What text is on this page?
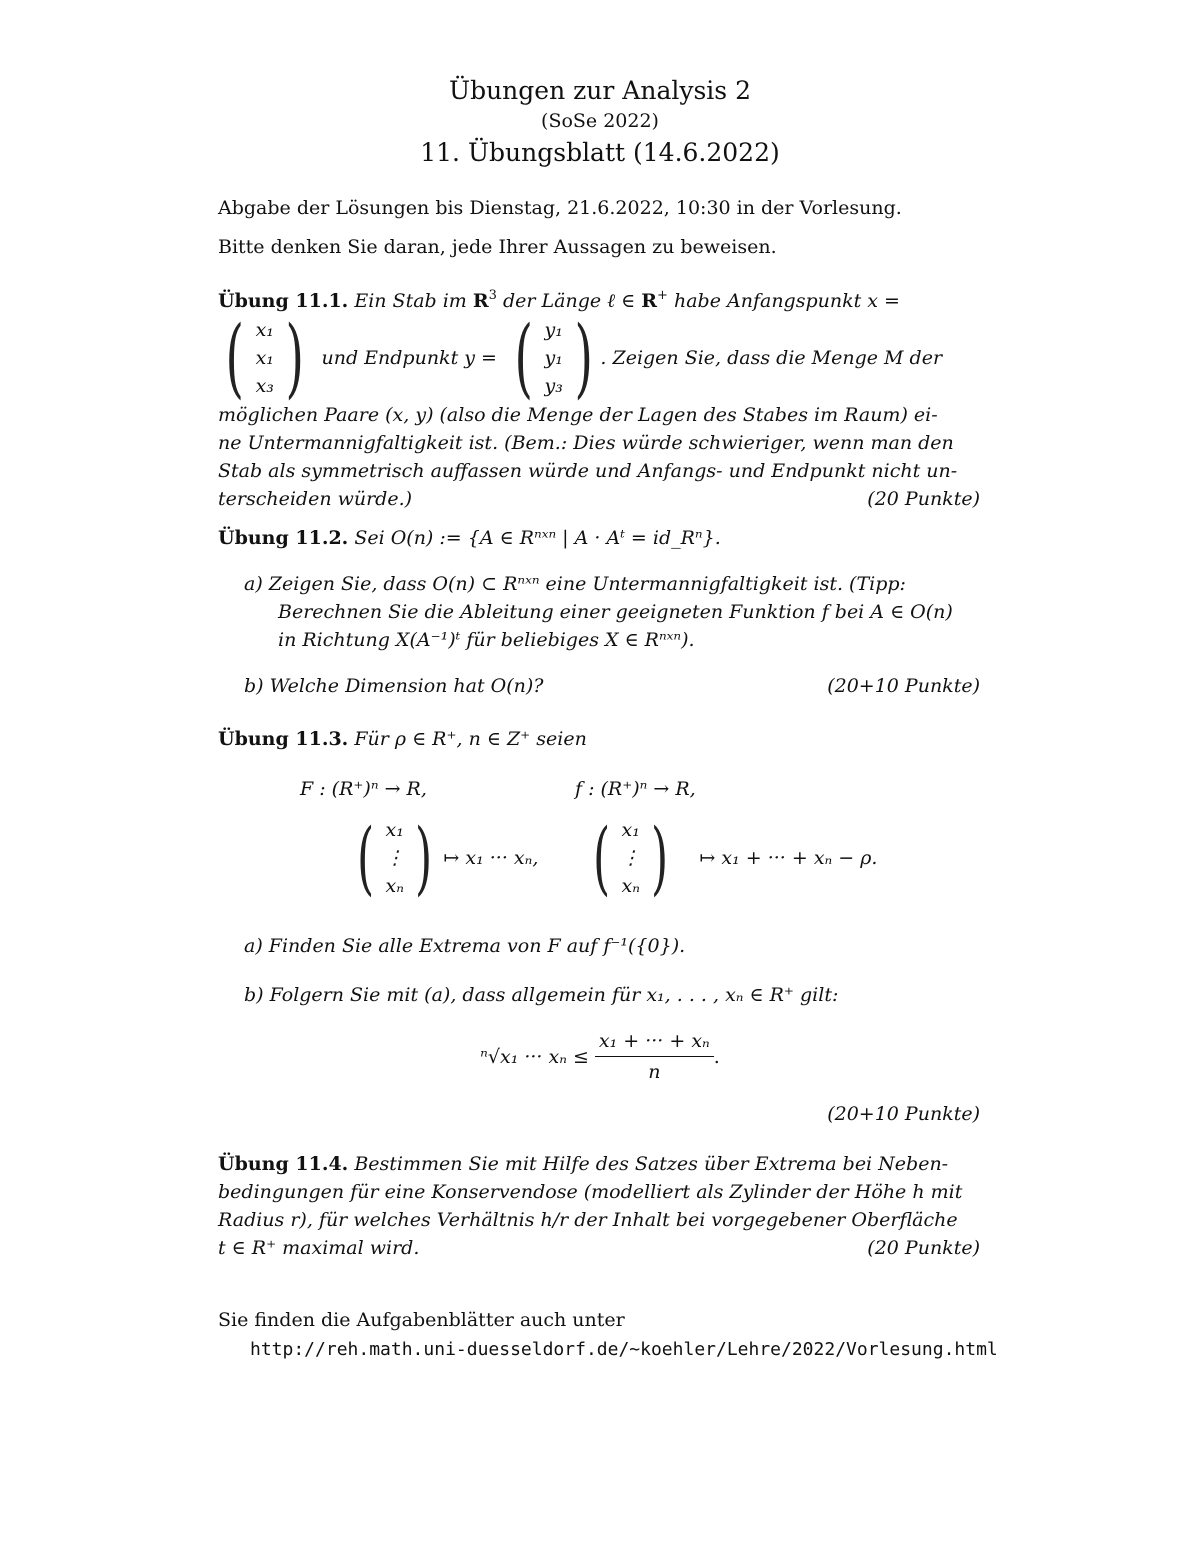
Übungen zur Analysis 2
(SoSe 2022)
11. Übungsblatt (14.6.2022)
Abgabe der Lösungen bis Dienstag, 21.6.2022, 10:30 in der Vorlesung.
Bitte denken Sie daran, jede Ihrer Aussagen zu beweisen.
Übung 11.1. Ein Stab im $R^3$ der Länge ℓ ∈ R+ habe Anfangspunkt x =
( x₁
x₁
x₃ ) und Endpunkt y = ( y₁
y₁
y₃ ) . Zeigen Sie, dass die Menge M der
möglichen Paare (x, y) (also die Menge der Lagen des Stabes im Raum) ei-
ne Untermannigfaltigkeit ist. (Bem.: Dies würde schwieriger, wenn man den
Stab als symmetrisch auffassen würde und Anfangs- und Endpunkt nicht un-
terscheiden würde.)	(20 Punkte)
Übung 11.2. Sei O(n) := {A ∈ Rⁿˣⁿ | A · Aᵗ = id_Rⁿ}.
a) Zeigen Sie, dass O(n) ⊂ Rⁿˣⁿ eine Untermannigfaltigkeit ist. (Tipp:
Berechnen Sie die Ableitung einer geeigneten Funktion f bei A ∈ O(n)
in Richtung X(A⁻¹)ᵗ für beliebiges X ∈ Rⁿˣⁿ).
b) Welche Dimension hat O(n)?	(20+10 Punkte)
Übung 11.3. Für ρ ∈ R⁺, n ∈ Z⁺ seien
F : (R⁺)ⁿ → R,	f : (R⁺)ⁿ → R,
( x₁
⋮
xₙ ) ↦ x₁ ··· xₙ, ( x₁
⋮
xₙ ) ↦ x₁ + ··· + xₙ − ρ.
a) Finden Sie alle Extrema von F auf f⁻¹({0}).
b) Folgern Sie mit (a), dass allgemein für x₁, . . . , xₙ ∈ R⁺ gilt:
ⁿ√x₁ ··· $x_n \le \frac{\text{x₁ + ··· + xₙ}}{n}$ .
(20+10 Punkte)
Übung 11.4. Bestimmen Sie mit Hilfe des Satzes über Extrema bei Neben-
bedingungen für eine Konservendose (modelliert als Zylinder der Höhe h mit
Radius r), für welches Verhältnis h/r der Inhalt bei vorgegebener Oberfläche
t ∈ R⁺ maximal wird.	(20 Punkte)
Sie finden die Aufgabenblätter auch unter
http://reh.math.uni-duesseldorf.de/~koehler/Lehre/2022/Vorlesung.html
